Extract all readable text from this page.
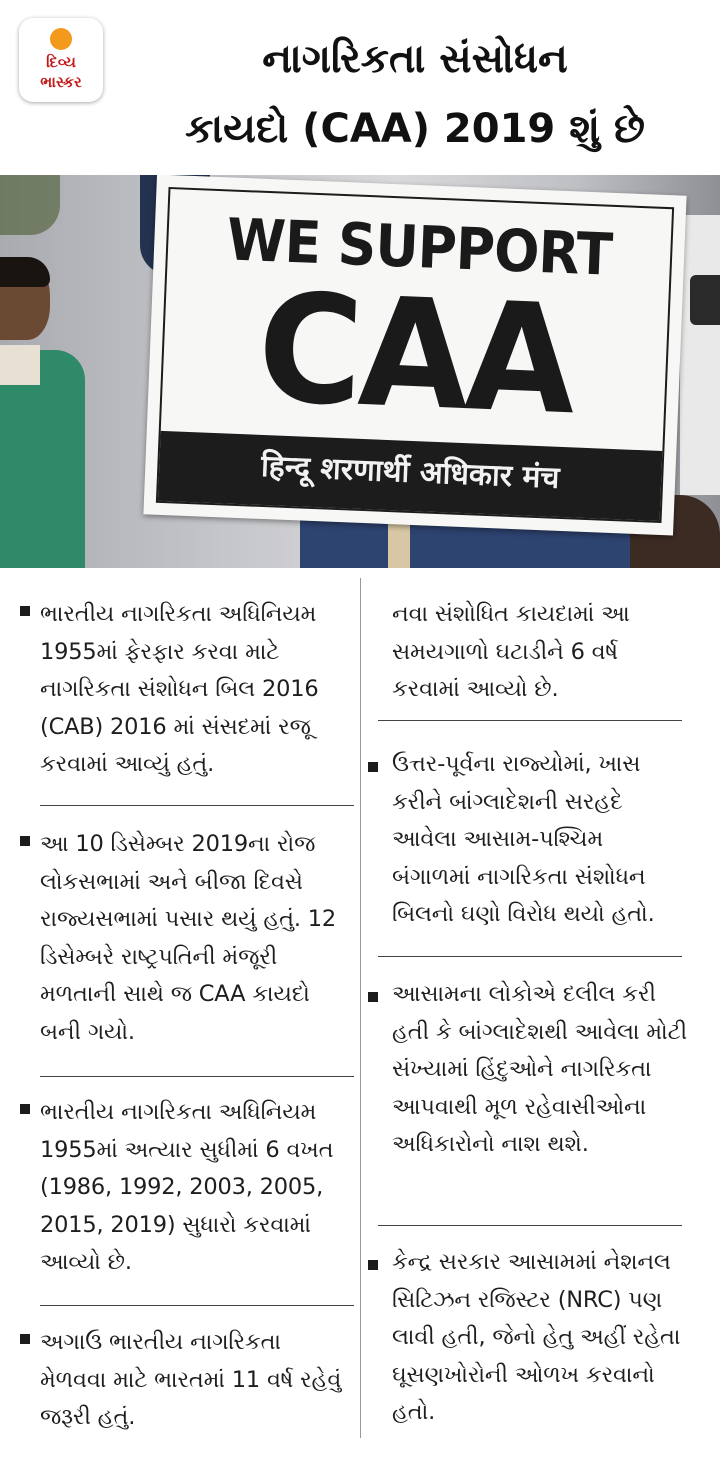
દિવ્ય
ભાસ્કર	નાગરિકતા સંસોધન
કાયદો (CAA) 2019 શું છે
WE SUPPORT
CAA
हिन्दू शरणार्थी अधिकार मंच

ભારતીય નાગરિકતા અધિનિયમ 1955માં ફેરફાર કરવા માટે નાગરિકતા સંશોધન બિલ 2016 (CAB) 2016 માં સંસદમાં રજૂ કરવામાં આવ્યું હતું.

આ 10 ડિસેમ્બર 2019ના રોજ લોકસભામાં અને બીજા દિવસે રાજ્યસભામાં પસાર થયું હતું. 12 ડિસેમ્બરે રાષ્ટ્રપતિની મંજૂરી મળતાની સાથે જ CAA કાયદો બની ગયો.

ભારતીય નાગરિકતા અધિનિયમ 1955માં અત્યાર સુધીમાં 6 વખત (1986, 1992, 2003, 2005, 2015, 2019) સુધારો કરવામાં આવ્યો છે.

અગાઉ ભારતીય નાગરિકતા મેળવવા માટે ભારતમાં 11 વર્ષ રહેવું જરૂરી હતું.

નવા સંશોધિત કાયદામાં આ સમયગાળો ઘટાડીને 6 વર્ષ કરવામાં આવ્યો છે.

ઉત્તર-પૂર્વના રાજ્યોમાં, ખાસ કરીને બાંગ્લાદેશની સરહદે આવેલા આસામ-પશ્ચિમ બંગાળમાં નાગરિકતા સંશોધન બિલનો ઘણો વિરોધ થયો હતો.

આસામના લોકોએ દલીલ કરી હતી કે બાંગ્લાદેશથી આવેલા મોટી સંખ્યામાં હિંદુઓને નાગરિકતા આપવાથી મૂળ રહેવાસીઓના અધિકારોનો નાશ થશે.

કેન્દ્ર સરકાર આસામમાં નેશનલ સિટિઝન રજિસ્ટર (NRC) પણ લાવી હતી, જેનો હેતુ અહીં રહેતા ઘૂસણખોરોની ઓળખ કરવાનો હતો.
